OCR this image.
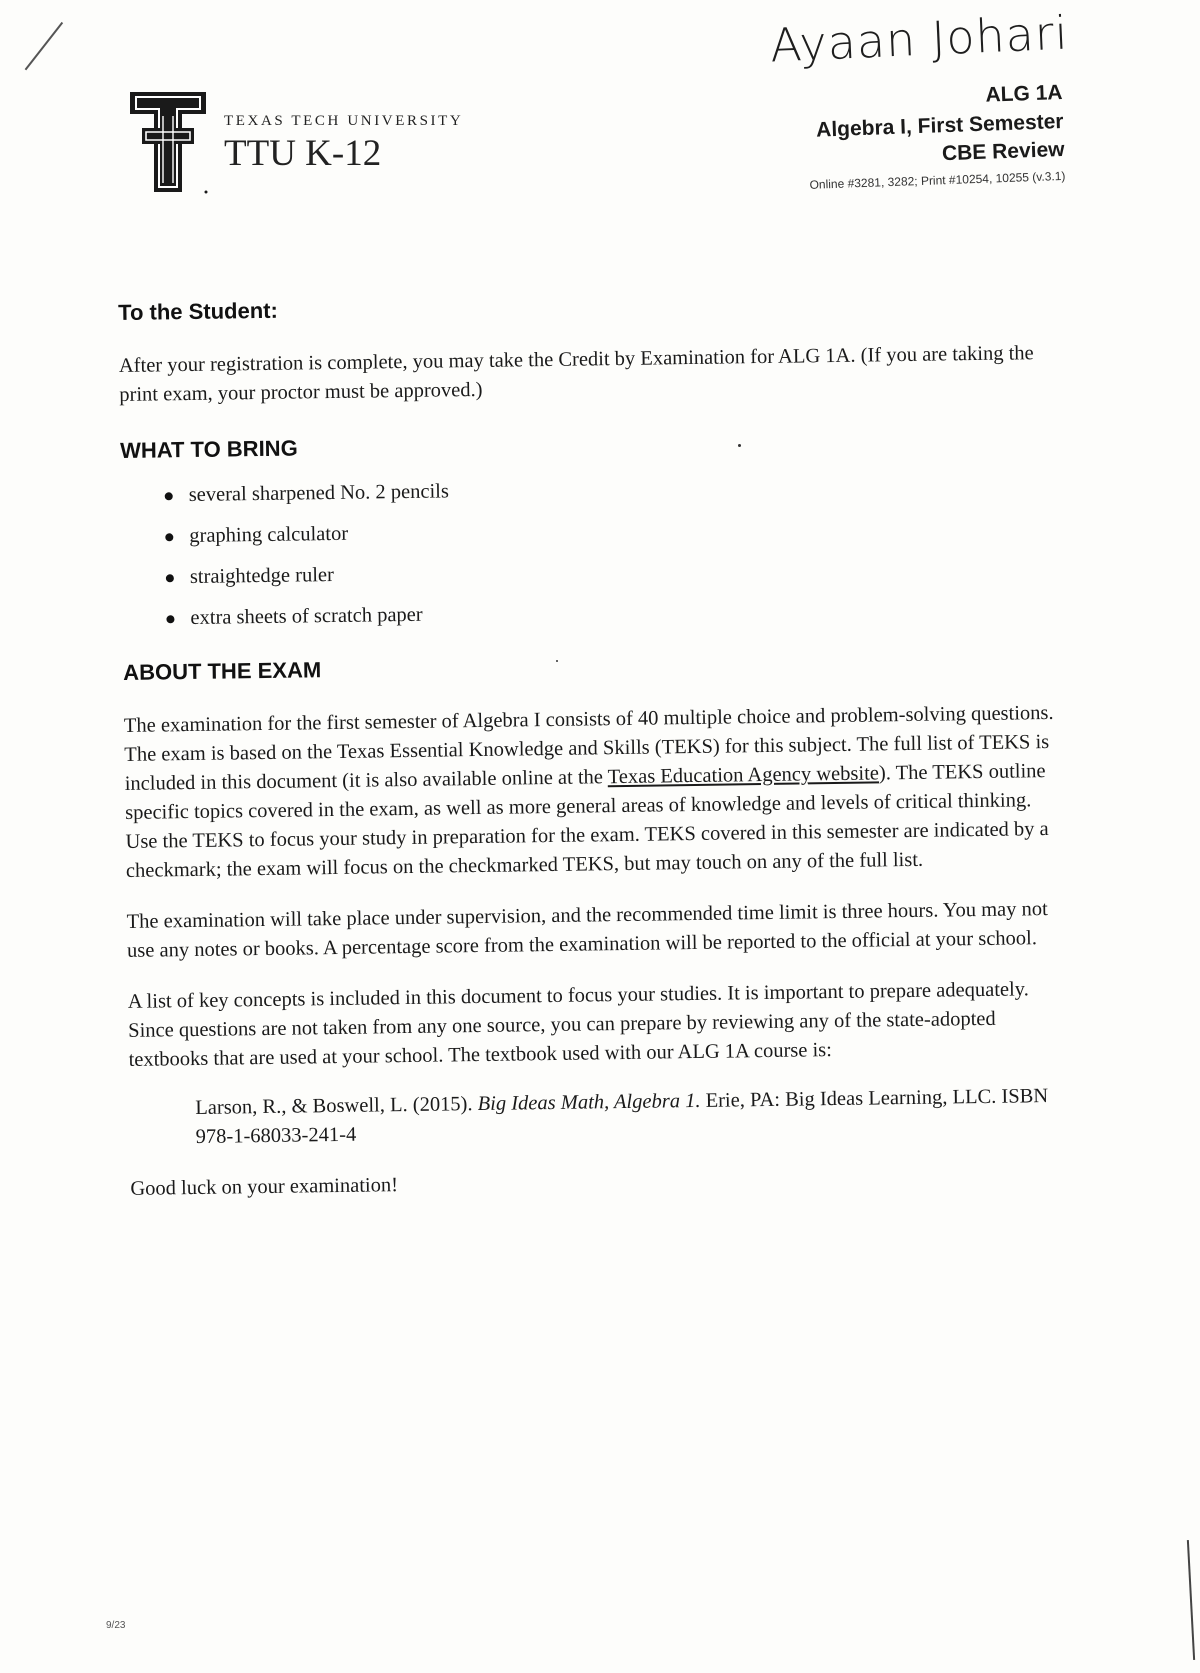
TEXAS TECH UNIVERSITY
TTU K-12
Ayaan Johari
ALG 1A
Algebra I, First Semester
CBE Review
Online #3281, 3282; Print #10254, 10255 (v.3.1)
To the Student:

After your registration is complete, you may take the Credit by Examination for ALG 1A. (If you are taking the print exam, your proctor must be approved.)

WHAT TO BRING
several sharpened No. 2 pencils
graphing calculator
straightedge ruler
extra sheets of scratch paper
ABOUT THE EXAM

The examination for the first semester of Algebra I consists of 40 multiple choice and problem-solving questions. The exam is based on the Texas Essential Knowledge and Skills (TEKS) for this subject. The full list of TEKS is included in this document (it is also available online at the Texas Education Agency website). The TEKS outline specific topics covered in the exam, as well as more general areas of knowledge and levels of critical thinking. Use the TEKS to focus your study in preparation for the exam. TEKS covered in this semester are indicated by a checkmark; the exam will focus on the checkmarked TEKS, but may touch on any of the full list.

The examination will take place under supervision, and the recommended time limit is three hours. You may not use any notes or books. A percentage score from the examination will be reported to the official at your school.

A list of key concepts is included in this document to focus your studies. It is important to prepare adequately. Since questions are not taken from any one source, you can prepare by reviewing any of the state-adopted textbooks that are used at your school. The textbook used with our ALG 1A course is:

Larson, R., & Boswell, L. (2015). Big Ideas Math, Algebra 1. Erie, PA: Big Ideas Learning, LLC. ISBN 978-1-68033-241-4

Good luck on your examination!

9/23
